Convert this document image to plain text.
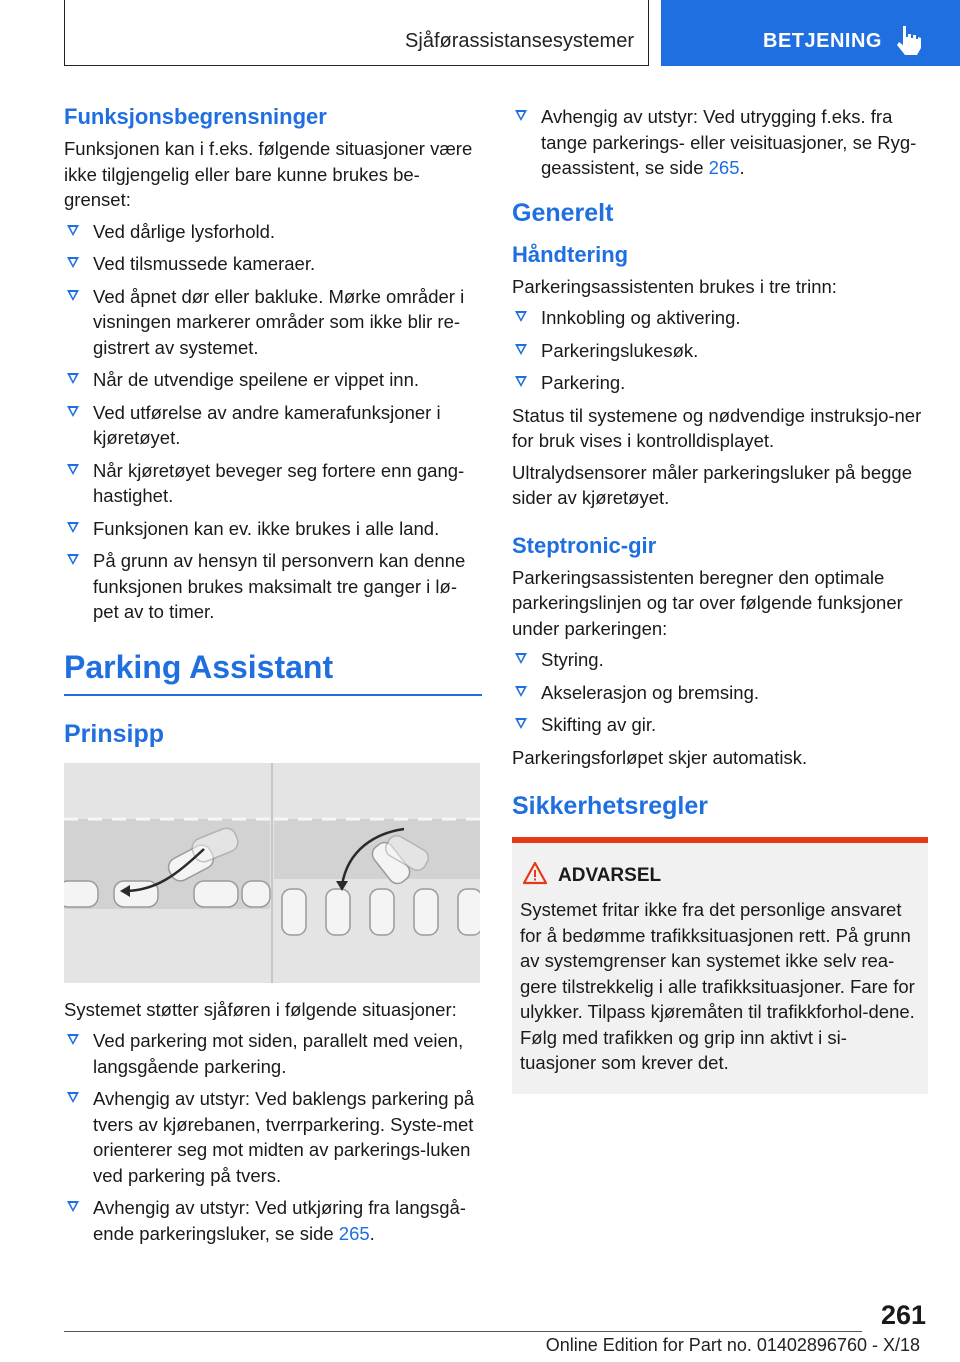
Sjåførassistansesystemer	BETJENING
Funksjonsbegrensninger

Funksjonen kan i f.eks. følgende situasjoner være ikke tilgjengelig eller bare kunne brukes be-grenset:

Ved dårlige lysforhold.
Ved tilsmussede kameraer.
Ved åpnet dør eller bakluke. Mørke områder i visningen markerer områder som ikke blir re-gistrert av systemet.
Når de utvendige speilene er vippet inn.
Ved utførelse av andre kamerafunksjoner i kjøretøyet.
Når kjøretøyet beveger seg fortere enn gang-hastighet.
Funksjonen kan ev. ikke brukes i alle land.
På grunn av hensyn til personvern kan denne funksjonen brukes maksimalt tre ganger i lø-pet av to timer.
Parking Assistant
Prinsipp

Systemet støtter sjåføren i følgende situasjoner:

Ved parkering mot siden, parallelt med veien, langsgående parkering.
Avhengig av utstyr: Ved baklengs parkering på tvers av kjørebanen, tverrparkering. Syste-met orienterer seg mot midten av parkerings-luken ved parkering på tvers.
Avhengig av utstyr: Ved utkjøring fra langsgå-ende parkeringsluker, se side 265.
Avhengig av utstyr: Ved utrygging f.eks. fra tange parkerings- eller veisituasjoner, se Ryg-geassistent, se side 265.
Generelt
Håndtering

Parkeringsassistenten brukes i tre trinn:

Innkobling og aktivering.
Parkeringslukesøk.
Parkering.

Status til systemene og nødvendige instruksjo-ner for bruk vises i kontrolldisplayet.

Ultralydsensorer måler parkeringsluker på begge sider av kjøretøyet.

Steptronic-gir

Parkeringsassistenten beregner den optimale parkeringslinjen og tar over følgende funksjoner under parkeringen:

Styring.
Akselerasjon og bremsing.
Skifting av gir.

Parkeringsforløpet skjer automatisk.

Sikkerhetsregler
ADVARSEL

Systemet fritar ikke fra det personlige ansvaret for å bedømme trafikksituasjonen rett. På grunn av systemgrenser kan systemet ikke selv rea-gere tilstrekkelig i alle trafikksituasjoner. Fare for ulykker. Tilpass kjøremåten til trafikkforhol-dene. Følg med trafikken og grip inn aktivt i si-tuasjoner som krever det.

261
Online Edition for Part no. 01402896760 - X/18
